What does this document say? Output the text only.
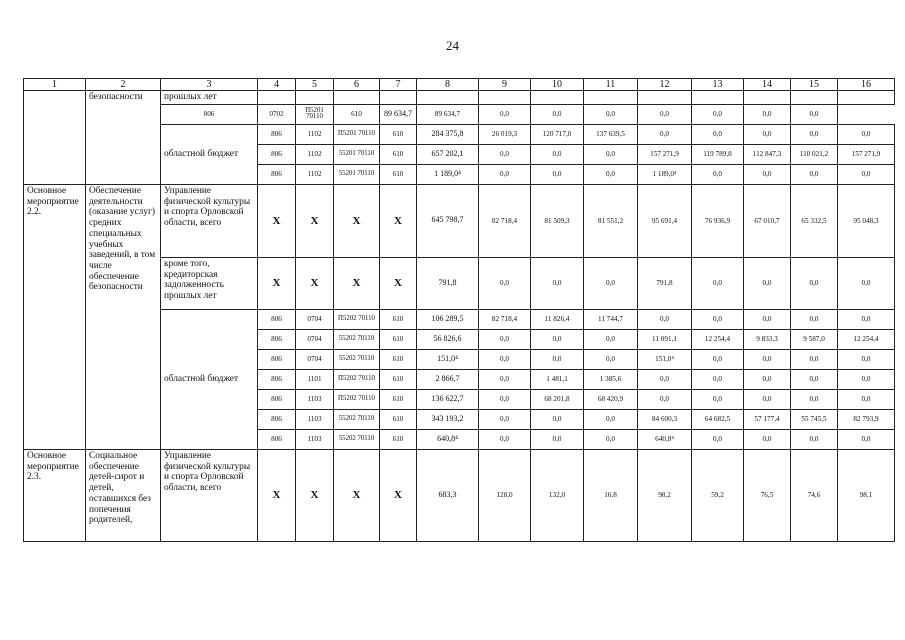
24
1	2	3	4	5	6	7	8	9	10	11	12	13	14	15	16
	безопасности	прошлых лет													
		806	0702	П5201 70110	610	89 634,7	89 634,7	0,0	0,0	0,0	0,0	0,0	0,0	0,0	
		областной бюджет	806	1102	П5201 70110	610	284 375,8	26 019,3	120 717,0	137 639,5	0,0	0,0	0,0	0,0	0,0
			806	1102	55201 70110	610	657 202,1	0,0	0,0	0,0	157 271,9	119 789,8	112 847,3	110 021,2	157 271,9
			806	1102	55201 70110	610	1 189,0⁴	0,0	0,0	0,0	1 189,0⁴	0,0	0,0	0,0	0,0
Основное мероприятие 2.2.	Обеспечение деятельности (оказание услуг) средних специальных учебных заведений, в том числе обеспечение безопасности	Управление физической культуры и спорта Орловской области, всего	Х	Х	Х	Х	645 798,7	82 718,4	81 509,3	81 551,2	95 691,4	76 936,9	67 010,7	65 332,5	95 048,3
		кроме того, кредиторская задолженность прошлых лет	Х	Х	Х	Х	791,8	0,0	0,0	0,0	791,8	0,0	0,0	0,0	0,0
		областной бюджет	806	0704	П5202 70110	610	106 289,5	82 718,4	11 826,4	11 744,7	0,0	0,0	0,0	0,0	0,0
			806	0704	55202 70110	610	56 826,6	0,0	0,0	0,0	11 091,1	12 254,4	9 833,3	9 587,0	12 254,4
			806	0704	55202 70110	610	151,0⁴	0,0	0,0	0,0	151,0⁴	0,0	0,0	0,0	0,0
			806	1101	П5202 70110	610	2 866,7	0,0	1 481,1	1 385,6	0,0	0,0	0,0	0,0	0,0
			806	1103	П5202 70110	610	136 622,7	0,0	68 201,8	68 420,9	0,0	0,0	0,0	0,0	0,0
			806	1103	55202 70110	610	343 193,2	0,0	0,0	0,0	84 600,3	64 682,5	57 177,4	55 745,5	82 793,9
			806	1103	55202 70110	610	640,8⁴	0,0	0,0	0,0	640,8⁴	0,0	0,0	0,0	0,0
Основное мероприятие 2.3.	Социальное обеспечение детей-сирот и детей, оставшихся без попечения родителей,	Управление физической культуры и спорта Орловской области, всего	Х	Х	Х	Х	683,3	128,0	132,0	16,8	98,2	59,2	76,5	74,6	98,1
